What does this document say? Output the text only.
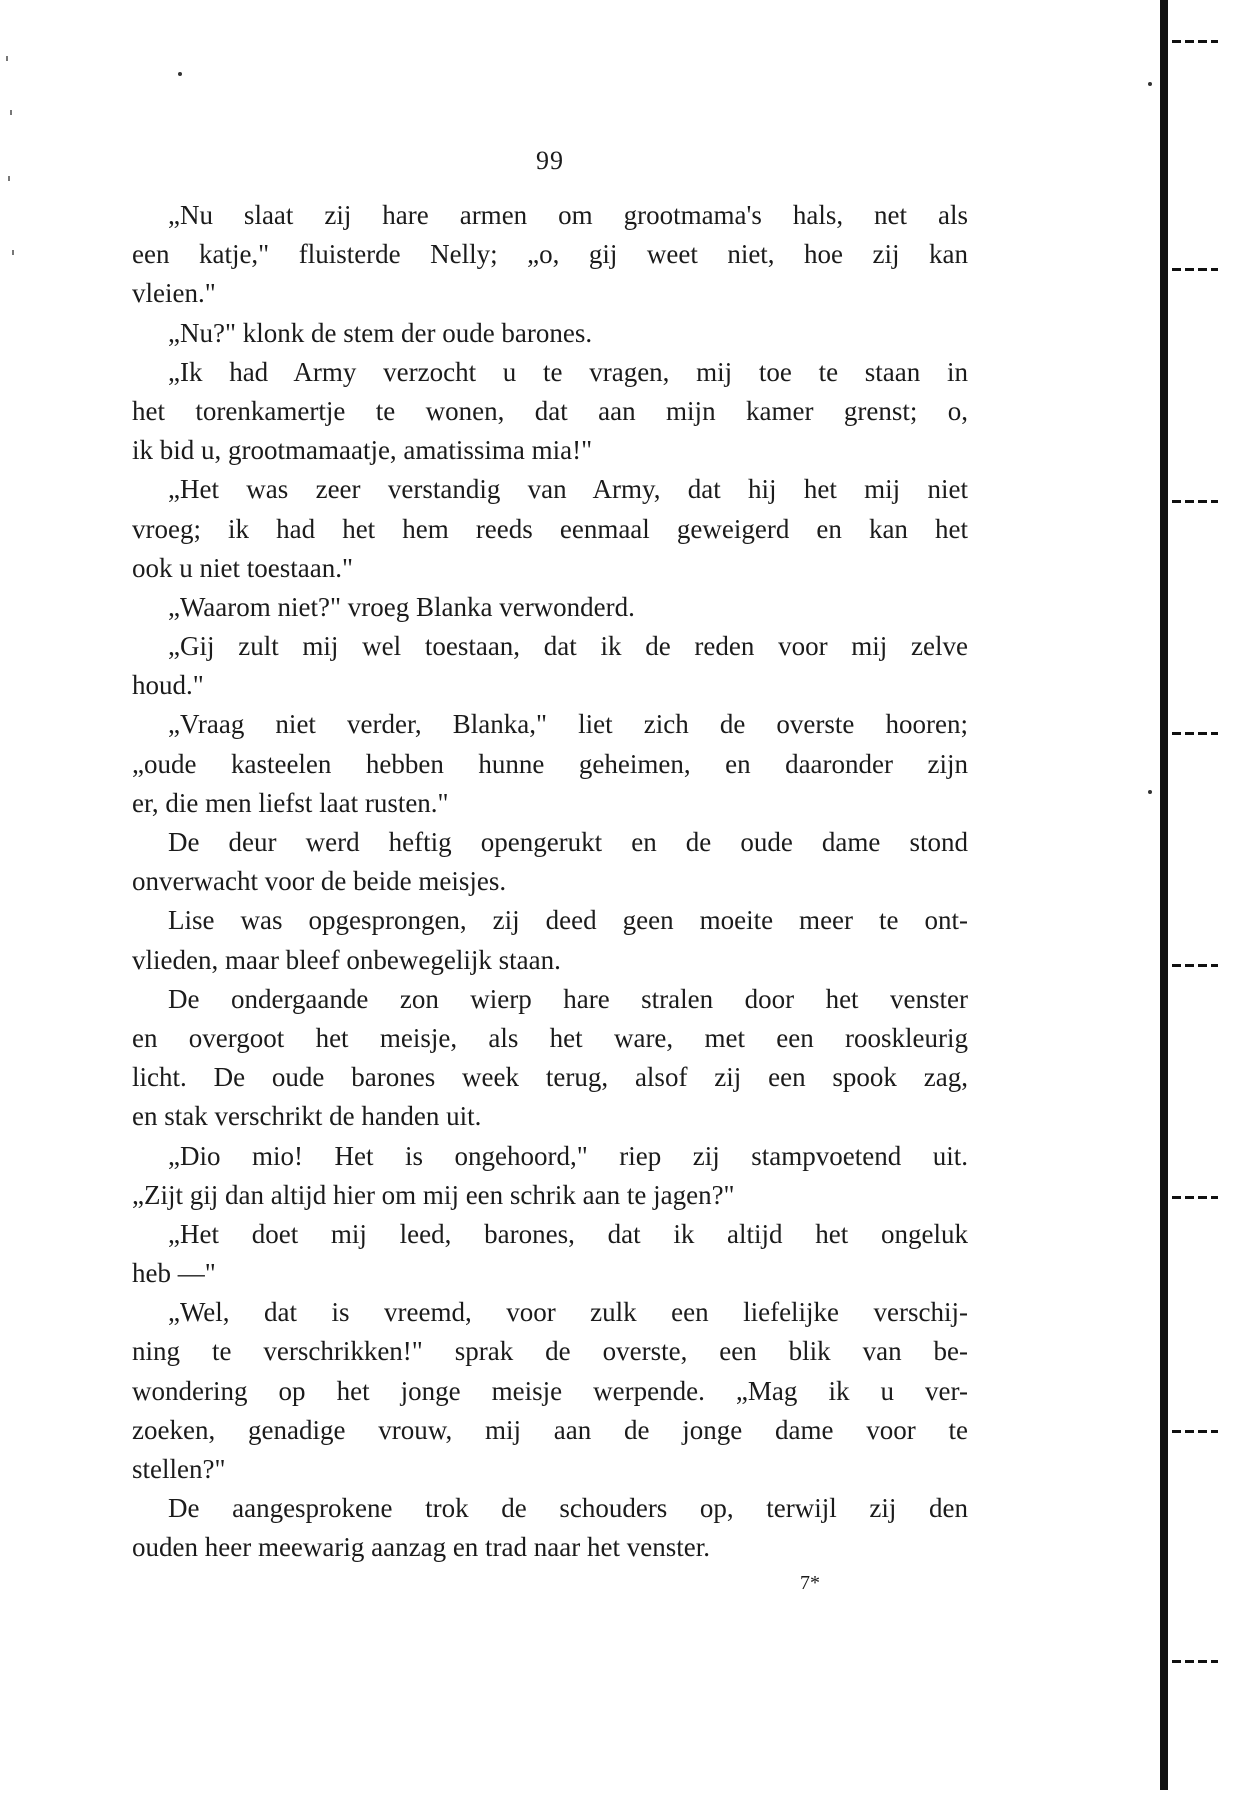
99
„Nu slaat zij hare armen om grootmama's hals, net als
een katje," fluisterde Nelly; „o, gij weet niet, hoe zij kan
vleien."
„Nu?" klonk de stem der oude barones.
„Ik had Army verzocht u te vragen, mij toe te staan in
het torenkamertje te wonen, dat aan mijn kamer grenst; o,
ik bid u, grootmamaatje, amatissima mia!"
„Het was zeer verstandig van Army, dat hij het mij niet
vroeg; ik had het hem reeds eenmaal geweigerd en kan het
ook u niet toestaan."
„Waarom niet?" vroeg Blanka verwonderd.
„Gij zult mij wel toestaan, dat ik de reden voor mij zelve
houd."
„Vraag niet verder, Blanka," liet zich de overste hooren;
„oude kasteelen hebben hunne geheimen, en daaronder zijn
er, die men liefst laat rusten."
De deur werd heftig opengerukt en de oude dame stond
onverwacht voor de beide meisjes.
Lise was opgesprongen, zij deed geen moeite meer te ont-
vlieden, maar bleef onbewegelijk staan.
De ondergaande zon wierp hare stralen door het venster
en overgoot het meisje, als het ware, met een rooskleurig
licht. De oude barones week terug, alsof zij een spook zag,
en stak verschrikt de handen uit.
„Dio mio! Het is ongehoord," riep zij stampvoetend uit.
„Zijt gij dan altijd hier om mij een schrik aan te jagen?"
„Het doet mij leed, barones, dat ik altijd het ongeluk
heb —"
„Wel, dat is vreemd, voor zulk een liefelijke verschij-
ning te verschrikken!" sprak de overste, een blik van be-
wondering op het jonge meisje werpende. „Mag ik u ver-
zoeken, genadige vrouw, mij aan de jonge dame voor te
stellen?"
De aangesprokene trok de schouders op, terwijl zij den
ouden heer meewarig aanzag en trad naar het venster.
7*
